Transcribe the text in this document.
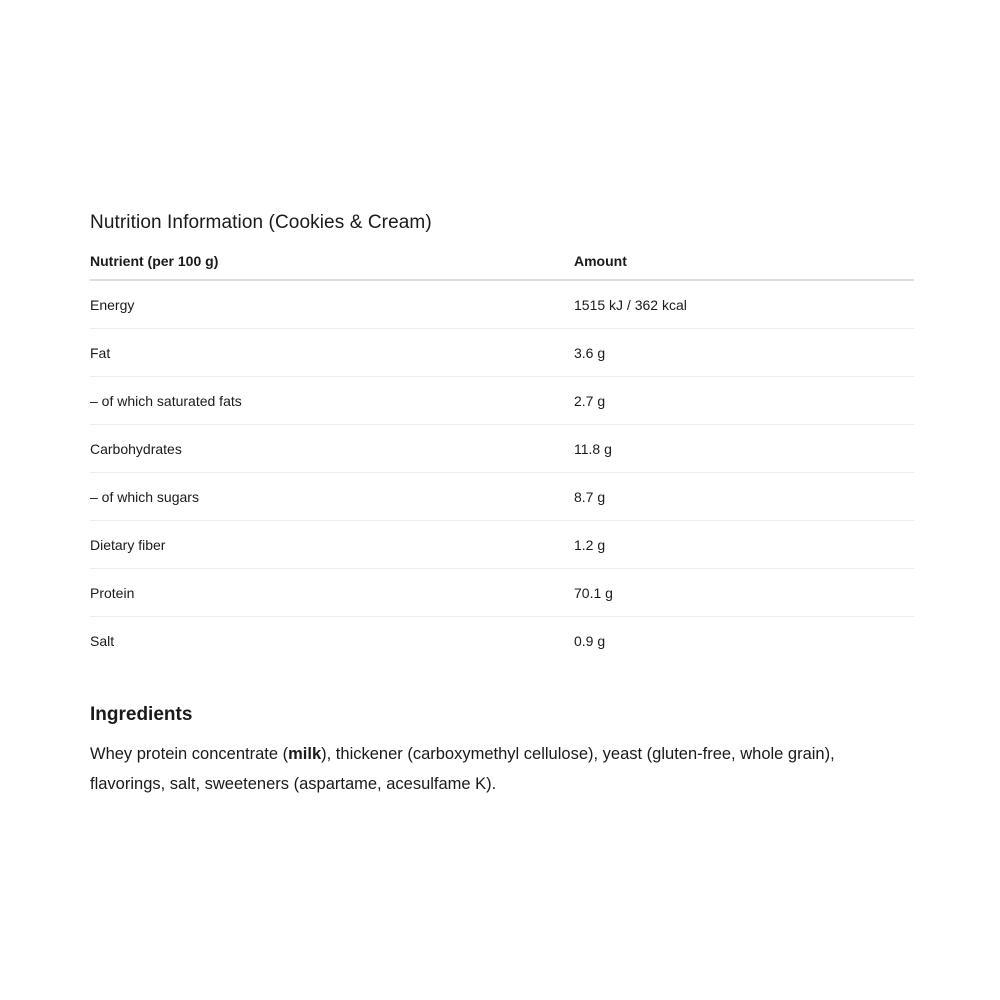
Nutrition Information (Cookies & Cream)
Nutrient (per 100 g)	Amount
Energy	1515 kJ / 362 kcal
Fat	3.6 g
– of which saturated fats	2.7 g
Carbohydrates	11.8 g
– of which sugars	8.7 g
Dietary fiber	1.2 g
Protein	70.1 g
Salt	0.9 g
Ingredients

Whey protein concentrate (milk), thickener (carboxymethyl cellulose), yeast (gluten-free, whole grain), flavorings, salt, sweeteners (aspartame, acesulfame K).
